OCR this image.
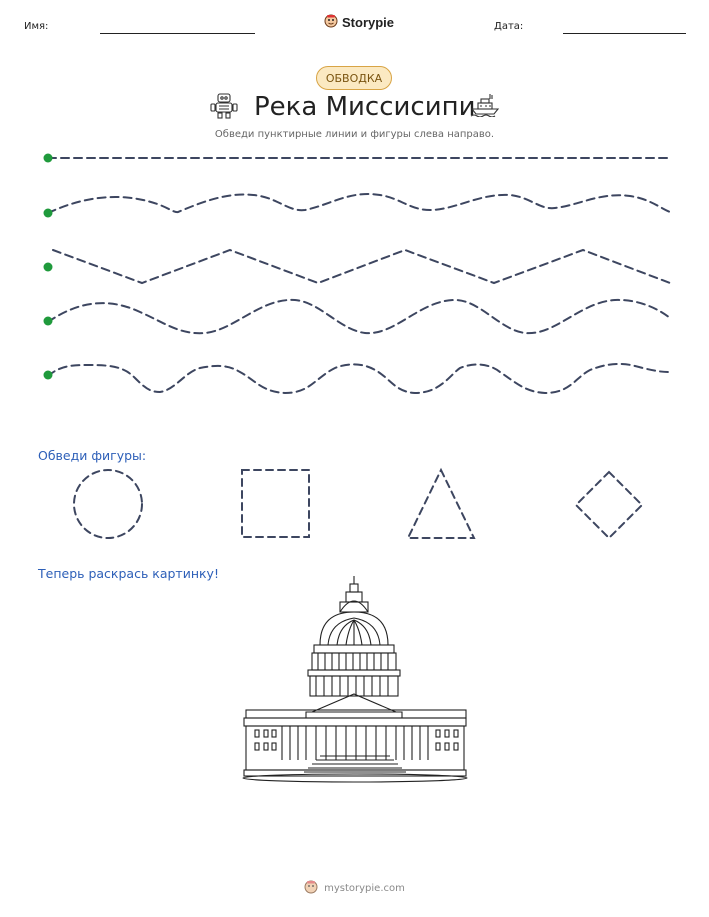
Имя:	Storypie	Дата:
ОБВОДКА
Река Миссисипи
Обведи пунктирные линии и фигуры слева направо.
Обведи фигуры:
Теперь раскрась картинку!
mystorypie.com
